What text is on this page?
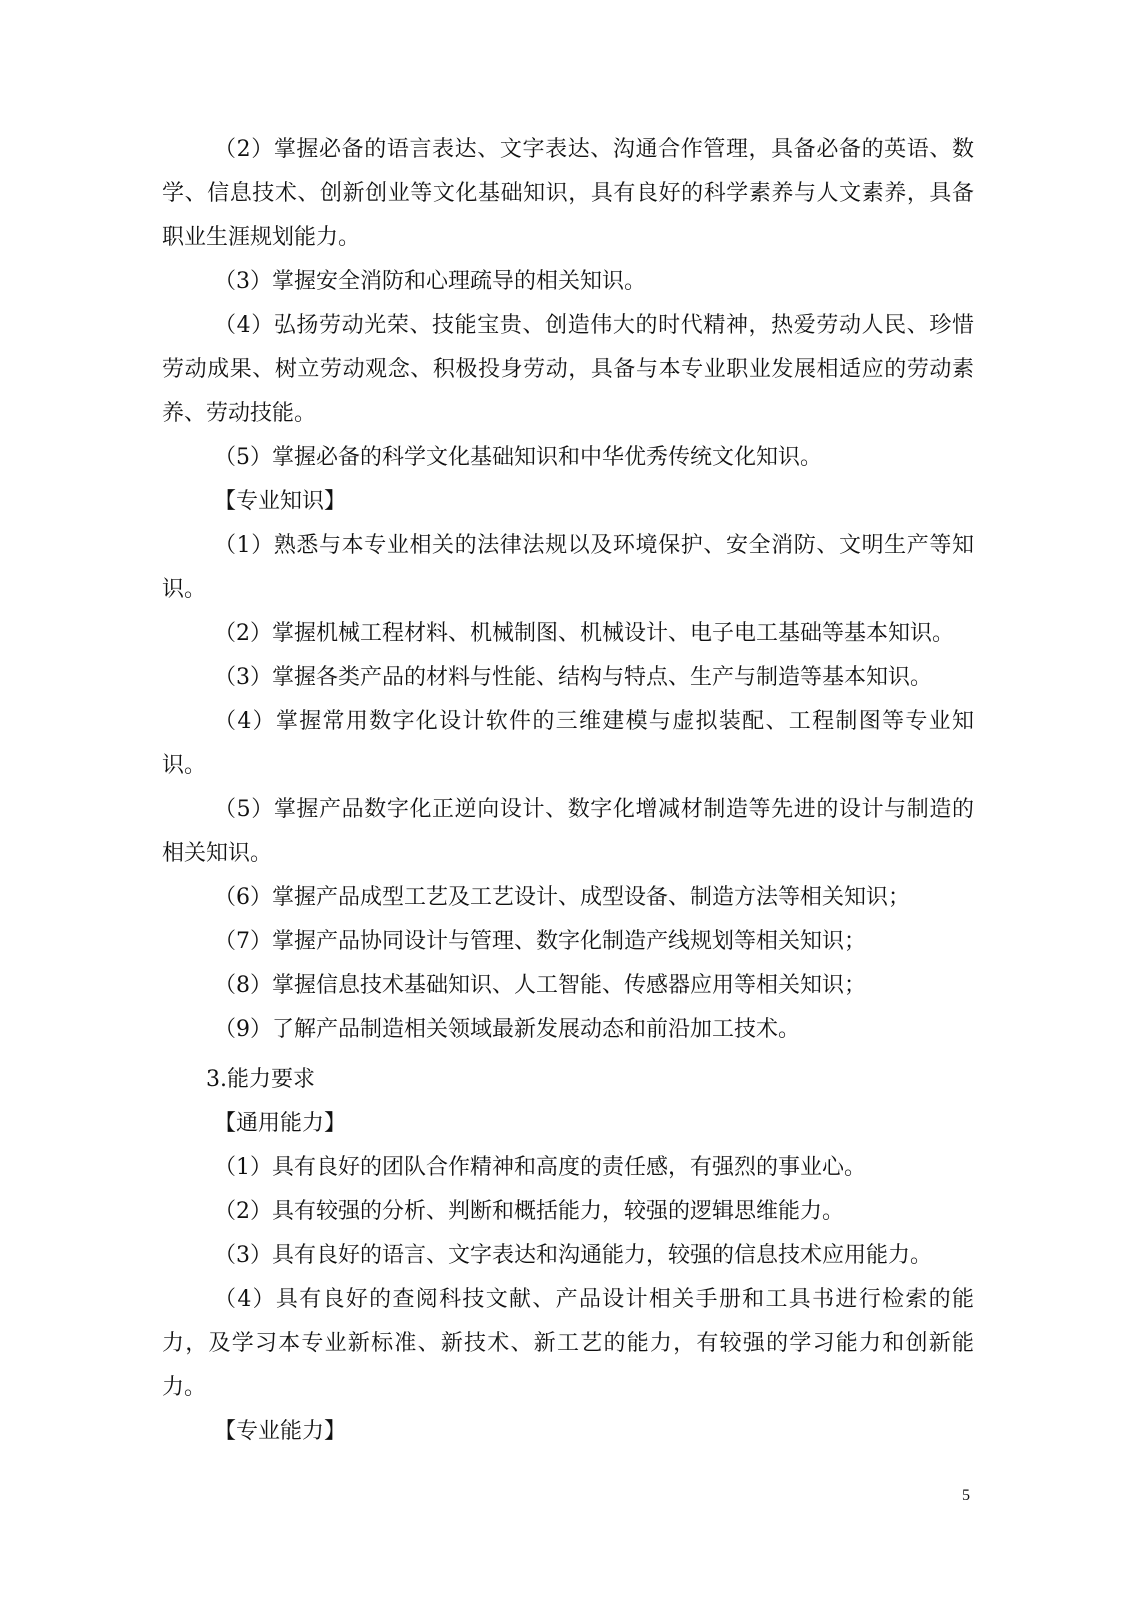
（2）掌握必备的语言表达、文字表达、沟通合作管理，具备必备的英语、数学、信息技术、创新创业等文化基础知识，具有良好的科学素养与人文素养，具备职业生涯规划能力。

（3）掌握安全消防和心理疏导的相关知识。

（4）弘扬劳动光荣、技能宝贵、创造伟大的时代精神，热爱劳动人民、珍惜劳动成果、树立劳动观念、积极投身劳动，具备与本专业职业发展相适应的劳动素养、劳动技能。

（5）掌握必备的科学文化基础知识和中华优秀传统文化知识。

【专业知识】

（1）熟悉与本专业相关的法律法规以及环境保护、安全消防、文明生产等知识。

（2）掌握机械工程材料、机械制图、机械设计、电子电工基础等基本知识。

（3）掌握各类产品的材料与性能、结构与特点、生产与制造等基本知识。

（4）掌握常用数字化设计软件的三维建模与虚拟装配、工程制图等专业知识。

（5）掌握产品数字化正逆向设计、数字化增减材制造等先进的设计与制造的相关知识。

（6）掌握产品成型工艺及工艺设计、成型设备、制造方法等相关知识；

（7）掌握产品协同设计与管理、数字化制造产线规划等相关知识；

（8）掌握信息技术基础知识、人工智能、传感器应用等相关知识；

（9）了解产品制造相关领域最新发展动态和前沿加工技术。

3.能力要求

【通用能力】

（1）具有良好的团队合作精神和高度的责任感，有强烈的事业心。

（2）具有较强的分析、判断和概括能力，较强的逻辑思维能力。

（3）具有良好的语言、文字表达和沟通能力，较强的信息技术应用能力。

（4）具有良好的查阅科技文献、产品设计相关手册和工具书进行检索的能力，及学习本专业新标准、新技术、新工艺的能力，有较强的学习能力和创新能力。

【专业能力】

5
